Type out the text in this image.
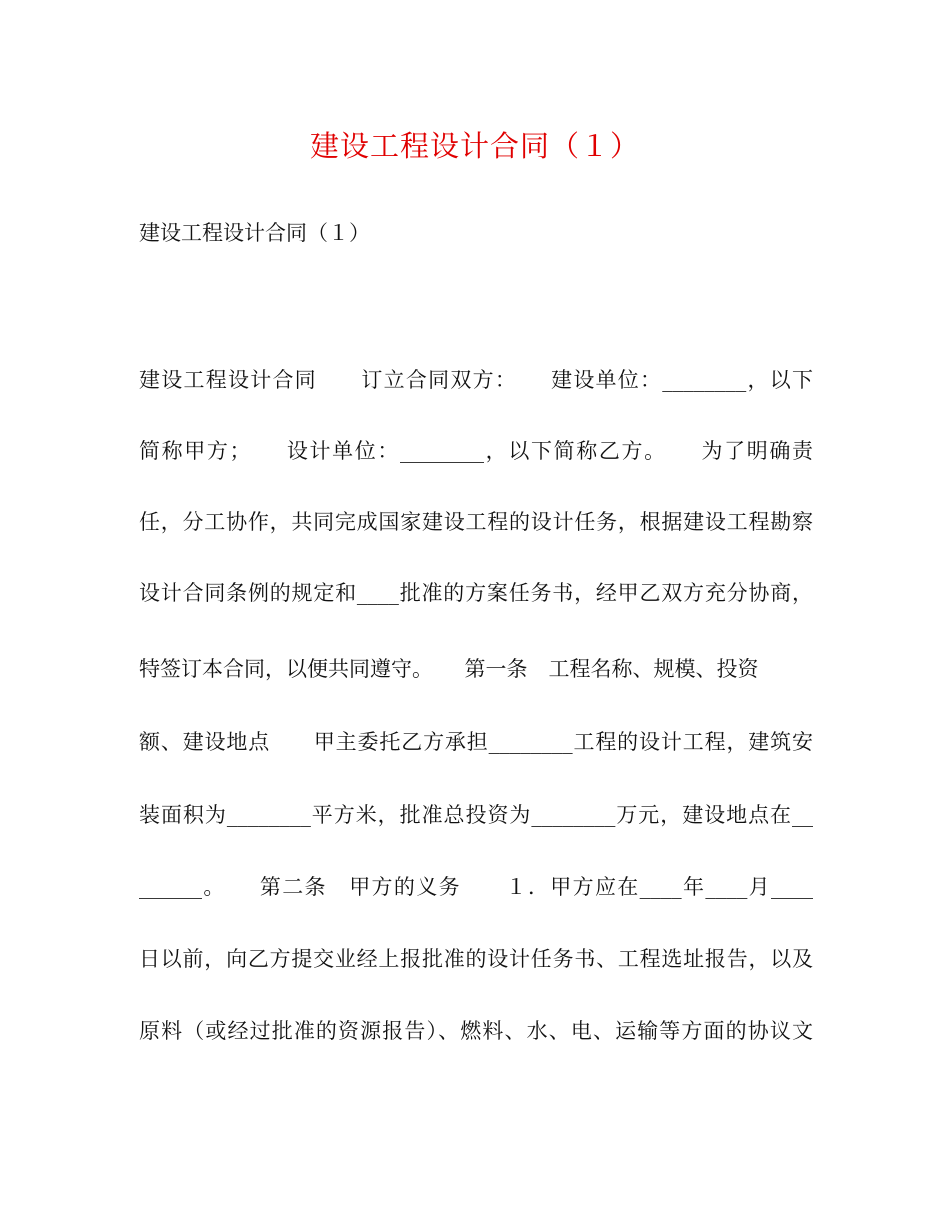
建设工程设计合同（１）
建设工程设计合同（１）
建设工程设计合同　　订立合同双方：　　建设单位：________，以下
简称甲方；　　设计单位：________，以下简称乙方。　　为了明确责
任，分工协作，共同完成国家建设工程的设计任务，根据建设工程勘察
设计合同条例的规定和____批准的方案任务书，经甲乙双方充分协商，
特签订本合同，以便共同遵守。　　第一条　工程名称、规模、投资
额、建设地点　　甲主委托乙方承担________工程的设计工程，建筑安
装面积为________平方米，批准总投资为________万元，建设地点在__
______。　　第二条　甲方的义务　　１．甲方应在____年____月____
日以前，向乙方提交业经上报批准的设计任务书、工程选址报告，以及
原料（或经过批准的资源报告）、燃料、水、电、运输等方面的协议文
